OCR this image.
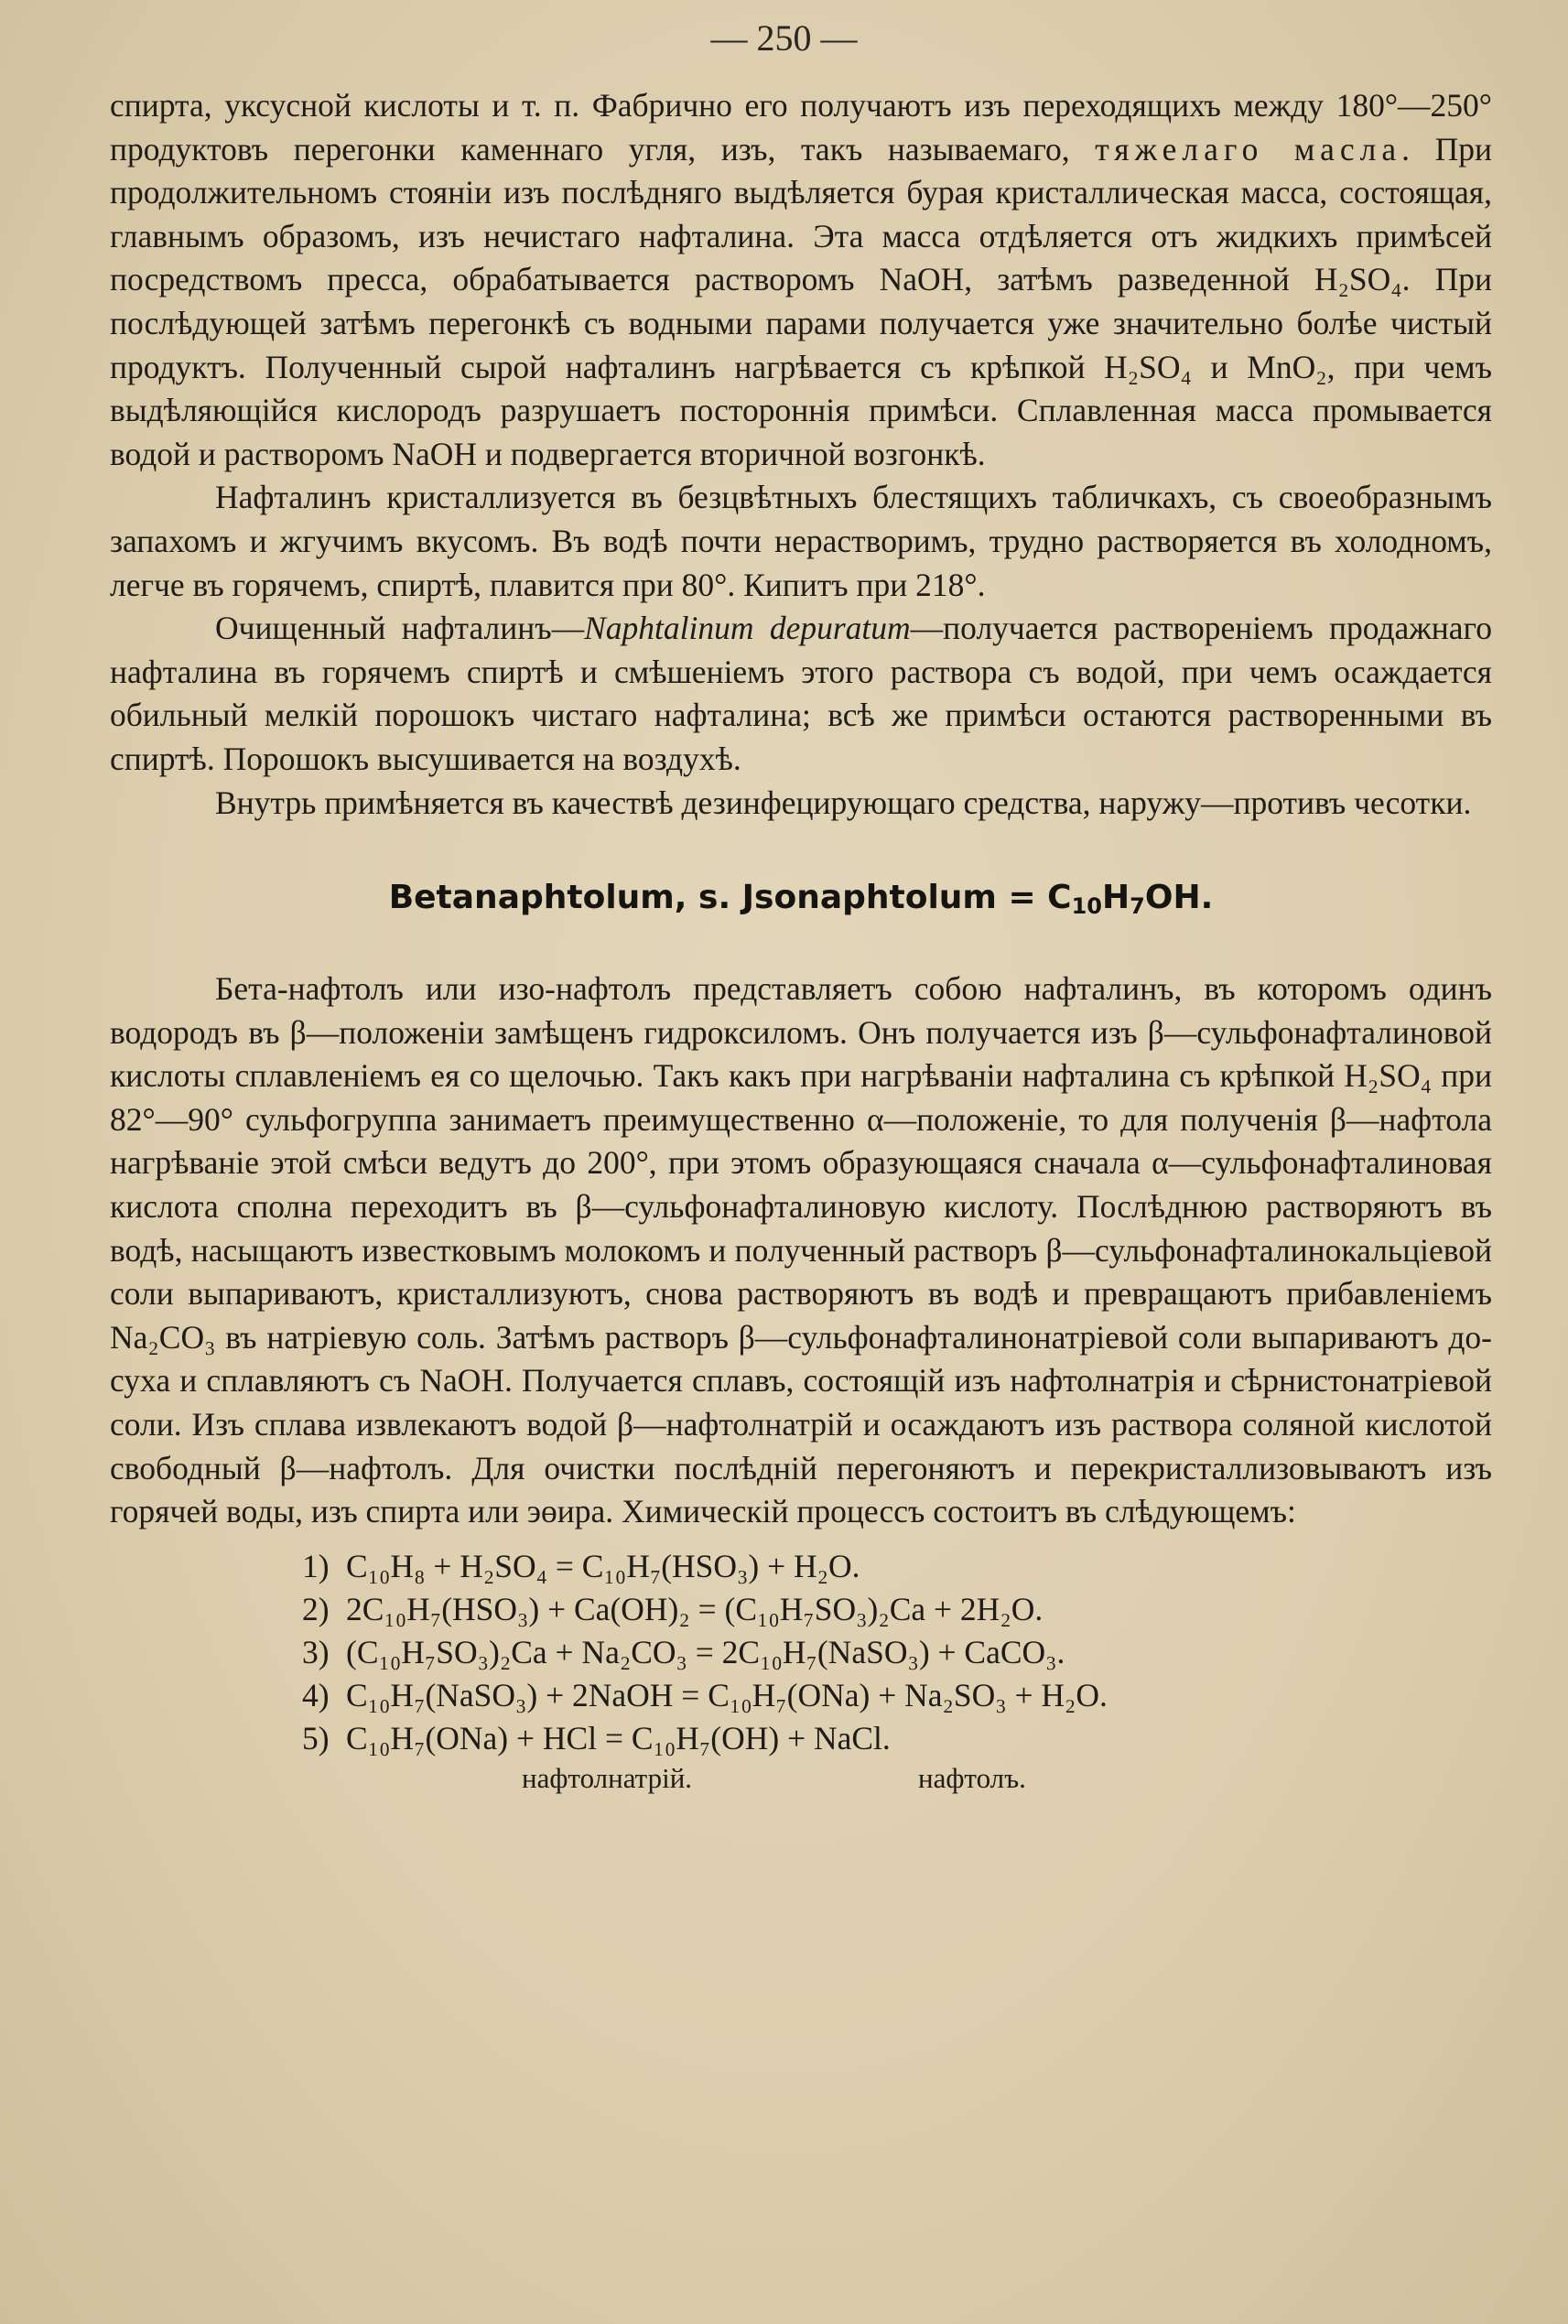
— 250 —

спирта, уксусной кислоты и т. п. Фабрично его получаютъ изъ переходящихъ между 180°—250° продуктовъ перегонки каменнаго угля, изъ, такъ называемаго, тяжелаго масла. При продолжительномъ стоянiи изъ послѣдняго выдѣляется бурая кристаллическая масса, состоящая, главнымъ образомъ, изъ нечистаго нафталина. Эта масса отдѣляется отъ жидкихъ примѣсей посредствомъ пресса, обрабатывается растворомъ NaOH, затѣмъ разведенной H₂SO₄. При послѣдующей затѣмъ перегонкѣ съ водными парами получается уже значительно болѣе чистый продуктъ. Полученный сырой нафталинъ нагрѣвается съ крѣпкой H₂SO₄ и MnO₂, при чемъ выдѣляющiйся кислородъ разрушаетъ постороннiя примѣси. Сплавленная масса промывается водой и растворомъ NaOH и подвергается вторичной возгонкѣ.

Нафталинъ кристаллизуется въ безцвѣтныхъ блестящихъ табличкахъ, съ своеобразнымъ запахомъ и жгучимъ вкусомъ. Въ водѣ почти нерастворимъ, трудно растворяется въ холодномъ, легче въ горячемъ, спиртѣ, плавится при 80°. Кипитъ при 218°.

Очищенный нафталинъ—Naphtalinum depuratum—получается растворенiемъ продажнаго нафталина въ горячемъ спиртѣ и смѣшенiемъ этого раствора съ водой, при чемъ осаждается обильный мелкiй порошокъ чистаго нафталина; всѣ же примѣси остаются растворенными въ спиртѣ. Порошокъ высушивается на воздухѣ.

Внутрь примѣняется въ качествѣ дезинфецирующаго средства, наружу—противъ чесотки.

Betanaphtolum, s. Jsonaphtolum = $C_{10}H_7OH$.

Бета-нафтолъ или изо-нафтолъ представляетъ собою нафталинъ, въ которомъ одинъ водородъ въ β—положенiи замѣщенъ гидроксиломъ. Онъ получается изъ β—сульфонафталиновой кислоты сплавленiемъ ея со щелочью. Такъ какъ при нагрѣванiи нафталина съ крѣпкой H₂SO₄ при 82°—90° сульфогруппа занимаетъ преимущественно α—положенiе, то для полученiя β—нафтола нагрѣванiе этой смѣси ведутъ до 200°, при этомъ образующаяся сначала α—сульфонафталиновая кислота сполна переходитъ въ β—сульфонафталиновую кислоту. Послѣднюю растворяютъ въ водѣ, насыщаютъ известковымъ молокомъ и полученный растворъ β—сульфонафталинокальцiевой соли выпариваютъ, кристаллизуютъ, снова растворяютъ въ водѣ и превращаютъ прибавленiемъ Na₂CO₃ въ натрiевую соль. Затѣмъ растворъ β—сульфонафталинонатрiевой соли выпариваютъ до-суха и сплавляютъ съ NaOH. Получается сплавъ, состоящiй изъ нафтолнатрiя и сѣрнистонатрiевой соли. Изъ сплава извлекаютъ водой β—нафтолнатрiй и осаждаютъ изъ раствора соляной кислотой свободный β—нафтолъ. Для очистки послѣднiй перегоняютъ и перекристаллизовываютъ изъ горячей воды, изъ спирта или эөира. Химическiй процессъ состоитъ въ слѣдующемъ:

1) C₁₀H₈ + H₂SO₄ = C₁₀H₇(HSO₃) + H₂O.
2) 2C₁₀H₇(HSO₃) + Ca(OH)₂ = (C₁₀H₇SO₃)₂Ca + 2H₂O.
3) (C₁₀H₇SO₃)₂Ca + Na₂CO₃ = 2C₁₀H₇(NaSO₃) + CaCO₃.
4) C₁₀H₇(NaSO₃) + 2NaOH = C₁₀H₇(ONa) + Na₂SO₃ + H₂O.
5) C₁₀H₇(ONa) + HCl = C₁₀H₇(OH) + NaCl.
нафтолнатрiй.	нафтолъ.
